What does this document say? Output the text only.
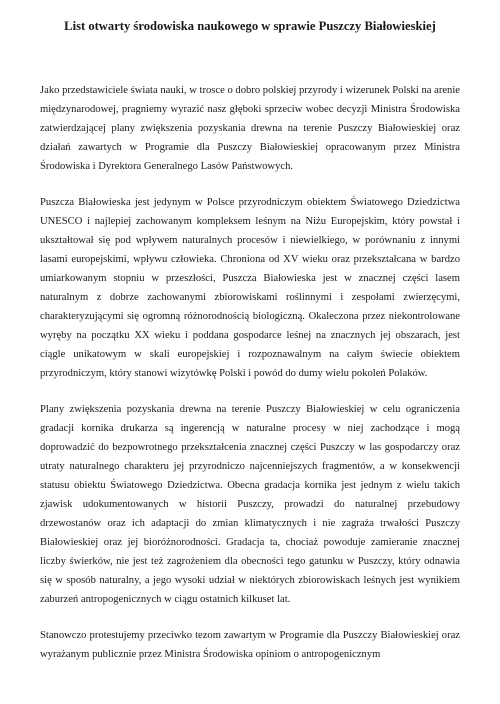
List otwarty środowiska naukowego w sprawie Puszczy Białowieskiej

Jako przedstawiciele świata nauki, w trosce o dobro polskiej przyrody i wizerunek Polski na arenie międzynarodowej, pragniemy wyrazić nasz głęboki sprzeciw wobec decyzji Ministra Środowiska zatwierdzającej plany zwiększenia pozyskania drewna na terenie Puszczy Białowieskiej oraz działań zawartych w Programie dla Puszczy Białowieskiej opracowanym przez Ministra Środowiska i Dyrektora Generalnego Lasów Państwowych.

Puszcza Białowieska jest jedynym w Polsce przyrodniczym obiektem Światowego Dziedzictwa UNESCO i najlepiej zachowanym kompleksem leśnym na Niżu Europejskim, który powstał i ukształtował się pod wpływem naturalnych procesów i niewielkiego, w porównaniu z innymi lasami europejskimi, wpływu człowieka. Chroniona od XV wieku oraz przekształcana w bardzo umiarkowanym stopniu w przeszłości, Puszcza Białowieska jest w znacznej części lasem naturalnym z dobrze zachowanymi zbiorowiskami roślinnymi i zespołami zwierzęcymi, charakteryzującymi się ogromną różnorodnością biologiczną. Okaleczona przez niekontrolowane wyręby na początku XX wieku i poddana gospodarce leśnej na znacznych jej obszarach, jest ciągle unikatowym w skali europejskiej i rozpoznawalnym na całym świecie obiektem przyrodniczym, który stanowi wizytówkę Polski i powód do dumy wielu pokoleń Polaków.

Plany zwiększenia pozyskania drewna na terenie Puszczy Białowieskiej w celu ograniczenia gradacji kornika drukarza są ingerencją w naturalne procesy w niej zachodzące i mogą doprowadzić do bezpowrotnego przekształcenia znacznej części Puszczy w las gospodarczy oraz utraty naturalnego charakteru jej przyrodniczo najcenniejszych fragmentów, a w konsekwencji statusu obiektu Światowego Dziedzictwa. Obecna gradacja kornika jest jednym z wielu takich zjawisk udokumentowanych w historii Puszczy, prowadzi do naturalnej przebudowy drzewostanów oraz ich adaptacji do zmian klimatycznych i nie zagraża trwałości Puszczy Białowieskiej oraz jej bioróżnorodności. Gradacja ta, chociaż powoduje zamieranie znacznej liczby świerków, nie jest też zagrożeniem dla obecności tego gatunku w Puszczy, który odnawia się w sposób naturalny, a jego wysoki udział w niektórych zbiorowiskach leśnych jest wynikiem zaburzeń antropogenicznych w ciągu ostatnich kilkuset lat.

Stanowczo protestujemy przeciwko tezom zawartym w Programie dla Puszczy Białowieskiej oraz wyrażanym publicznie przez Ministra Środowiska opiniom o antropogenicznym
